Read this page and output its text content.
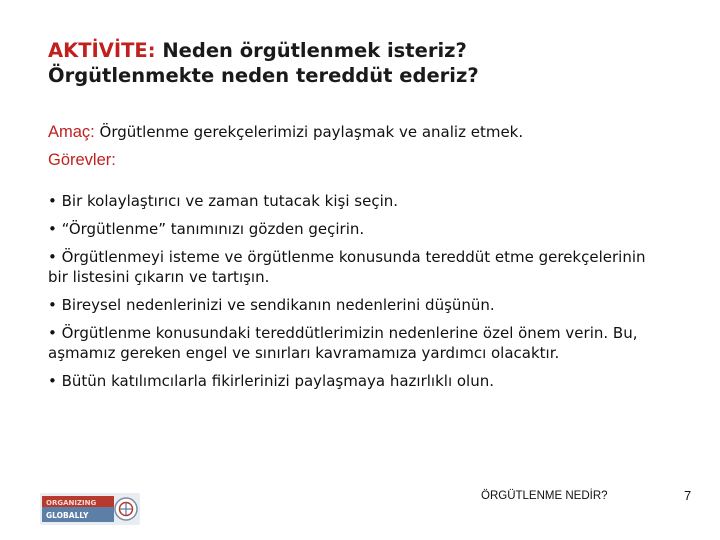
AKTİVİTE: Neden örgütlenmek isteriz?
Örgütlenmekte neden tereddüt ederiz?
Amaç: Örgütlenme gerekçelerimizi paylaşmak ve analiz etmek.
Görevler:
• Bir kolaylaştırıcı ve zaman tutacak kişi seçin.
• “Örgütlenme” tanımınızı gözden geçirin.
• Örgütlenmeyi isteme ve örgütlenme konusunda tereddüt etme gerekçelerinin bir listesini çıkarın ve tartışın.
• Bireysel nedenlerinizi ve sendikanın nedenlerini düşünün.
• Örgütlenme konusundaki tereddütlerimizin nedenlerine özel önem verin. Bu, aşmamız gereken engel ve sınırları kavramamıza yardımcı olacaktır.
• Bütün katılımcılarla fikirlerinizi paylaşmaya hazırlıklı olun.
ORGANIZING
GLOBALLY
ÖRGÜTLENME NEDİR?	7
